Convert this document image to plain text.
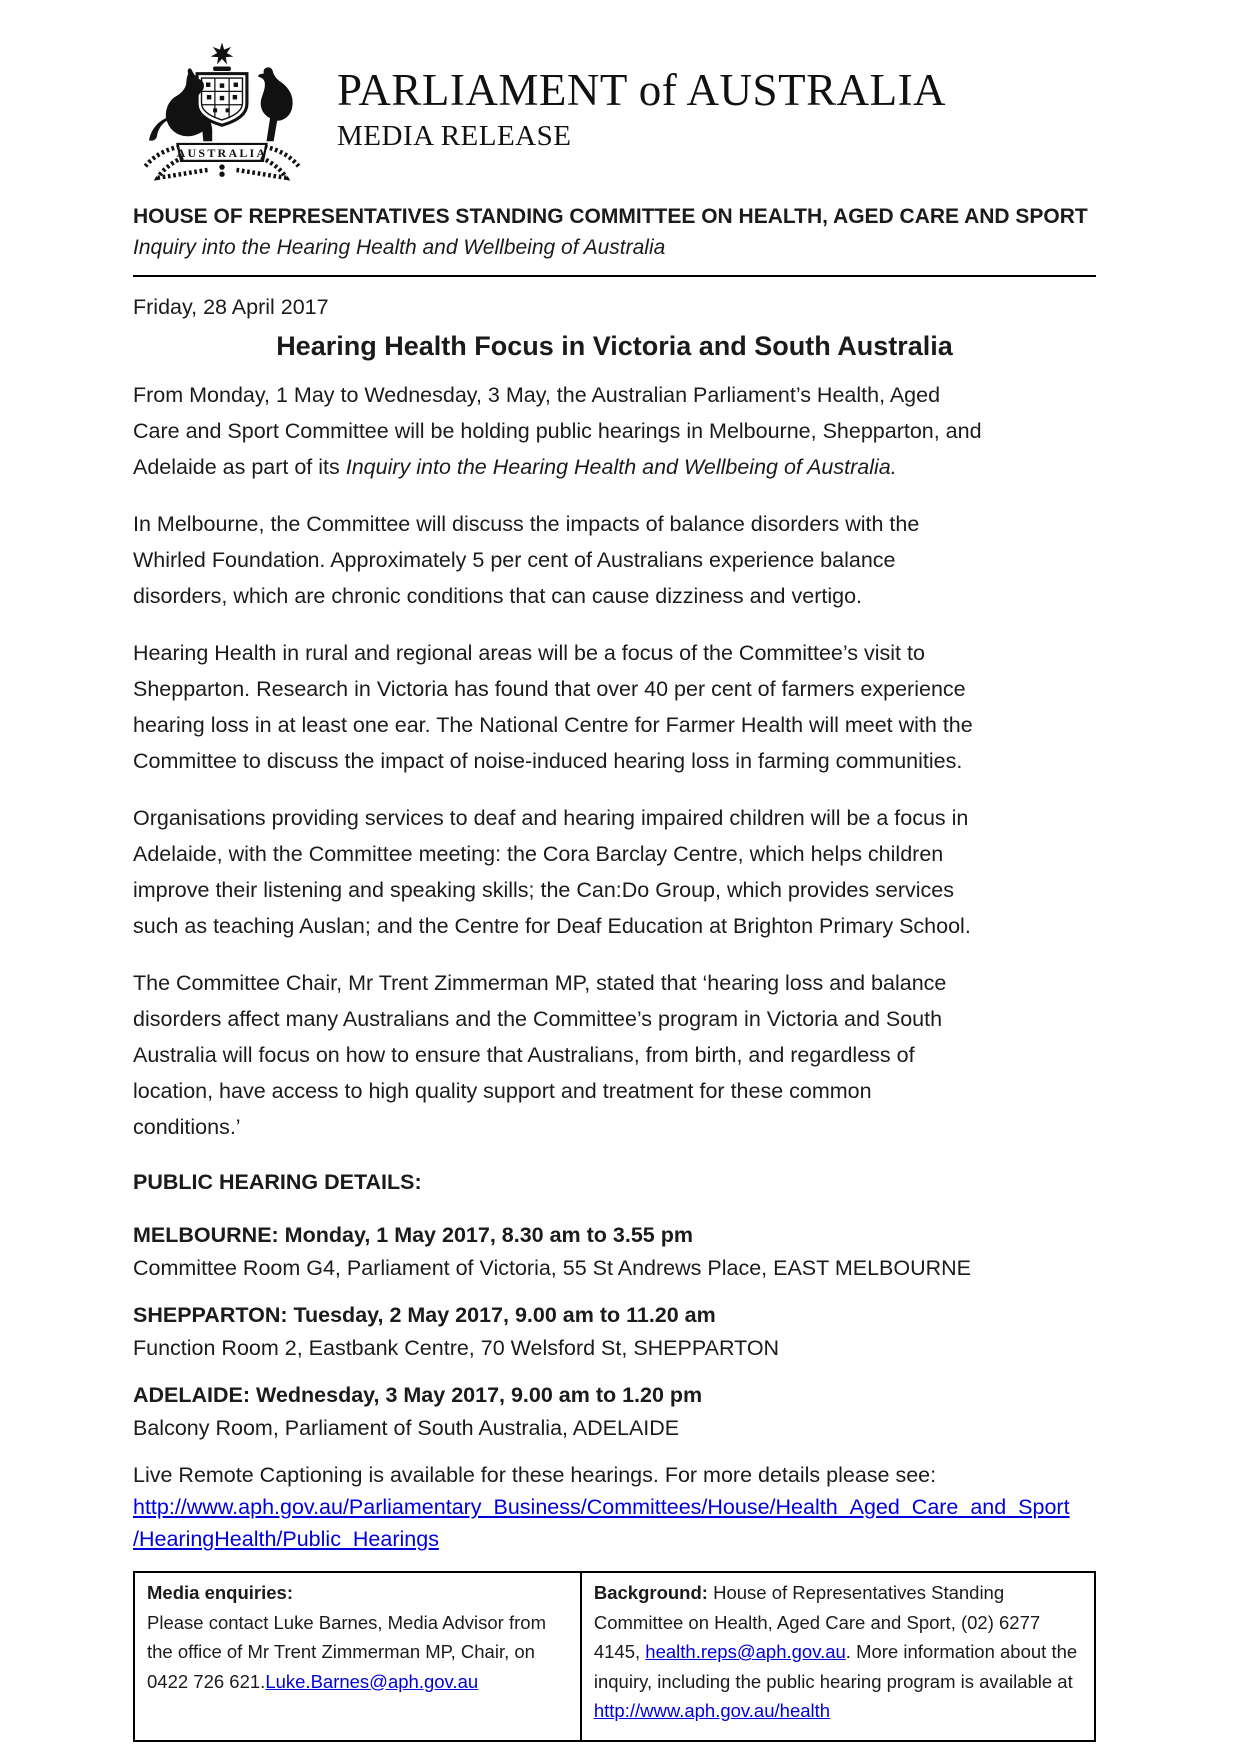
AUSTRALIA
PARLIAMENT of AUSTRALIA
MEDIA RELEASE
HOUSE OF REPRESENTATIVES STANDING COMMITTEE ON HEALTH, AGED CARE AND SPORT
Inquiry into the Hearing Health and Wellbeing of Australia
Friday, 28 April 2017
Hearing Health Focus in Victoria and South Australia

From Monday, 1 May to Wednesday, 3 May, the Australian Parliament’s Health, Aged Care and Sport Committee will be holding public hearings in Melbourne, Shepparton, and Adelaide as part of its Inquiry into the Hearing Health and Wellbeing of Australia.

In Melbourne, the Committee will discuss the impacts of balance disorders with the Whirled Foundation. Approximately 5 per cent of Australians experience balance disorders, which are chronic conditions that can cause dizziness and vertigo.

Hearing Health in rural and regional areas will be a focus of the Committee’s visit to Shepparton. Research in Victoria has found that over 40 per cent of farmers experience hearing loss in at least one ear. The National Centre for Farmer Health will meet with the Committee to discuss the impact of noise-induced hearing loss in farming communities.

Organisations providing services to deaf and hearing impaired children will be a focus in Adelaide, with the Committee meeting: the Cora Barclay Centre, which helps children improve their listening and speaking skills; the Can:Do Group, which provides services such as teaching Auslan; and the Centre for Deaf Education at Brighton Primary School.

The Committee Chair, Mr Trent Zimmerman MP, stated that ‘hearing loss and balance disorders affect many Australians and the Committee’s program in Victoria and South Australia will focus on how to ensure that Australians, from birth, and regardless of location, have access to high quality support and treatment for these common conditions.’

PUBLIC HEARING DETAILS:
MELBOURNE: Monday, 1 May 2017, 8.30 am to 3.55 pm
Committee Room G4, Parliament of Victoria, 55 St Andrews Place, EAST MELBOURNE
SHEPPARTON: Tuesday, 2 May 2017, 9.00 am to 11.20 am
Function Room 2, Eastbank Centre, 70 Welsford St, SHEPPARTON
ADELAIDE: Wednesday, 3 May 2017, 9.00 am to 1.20 pm
Balcony Room, Parliament of South Australia, ADELAIDE

Live Remote Captioning is available for these hearings. For more details please see:
http://www.aph.gov.au/Parliamentary_Business/Committees/House/Health_Aged_Care_and_Sport
/HearingHealth/Public_Hearings

Media enquiries:
Please contact Luke Barnes, Media Advisor from the office of Mr Trent Zimmerman MP, Chair, on 0422 726 621.Luke.Barnes@aph.gov.au	Background: House of Representatives Standing Committee on Health, Aged Care and Sport, (02) 6277 4145, health.reps@aph.gov.au. More information about the inquiry, including the public hearing program is available at http://www.aph.gov.au/health
